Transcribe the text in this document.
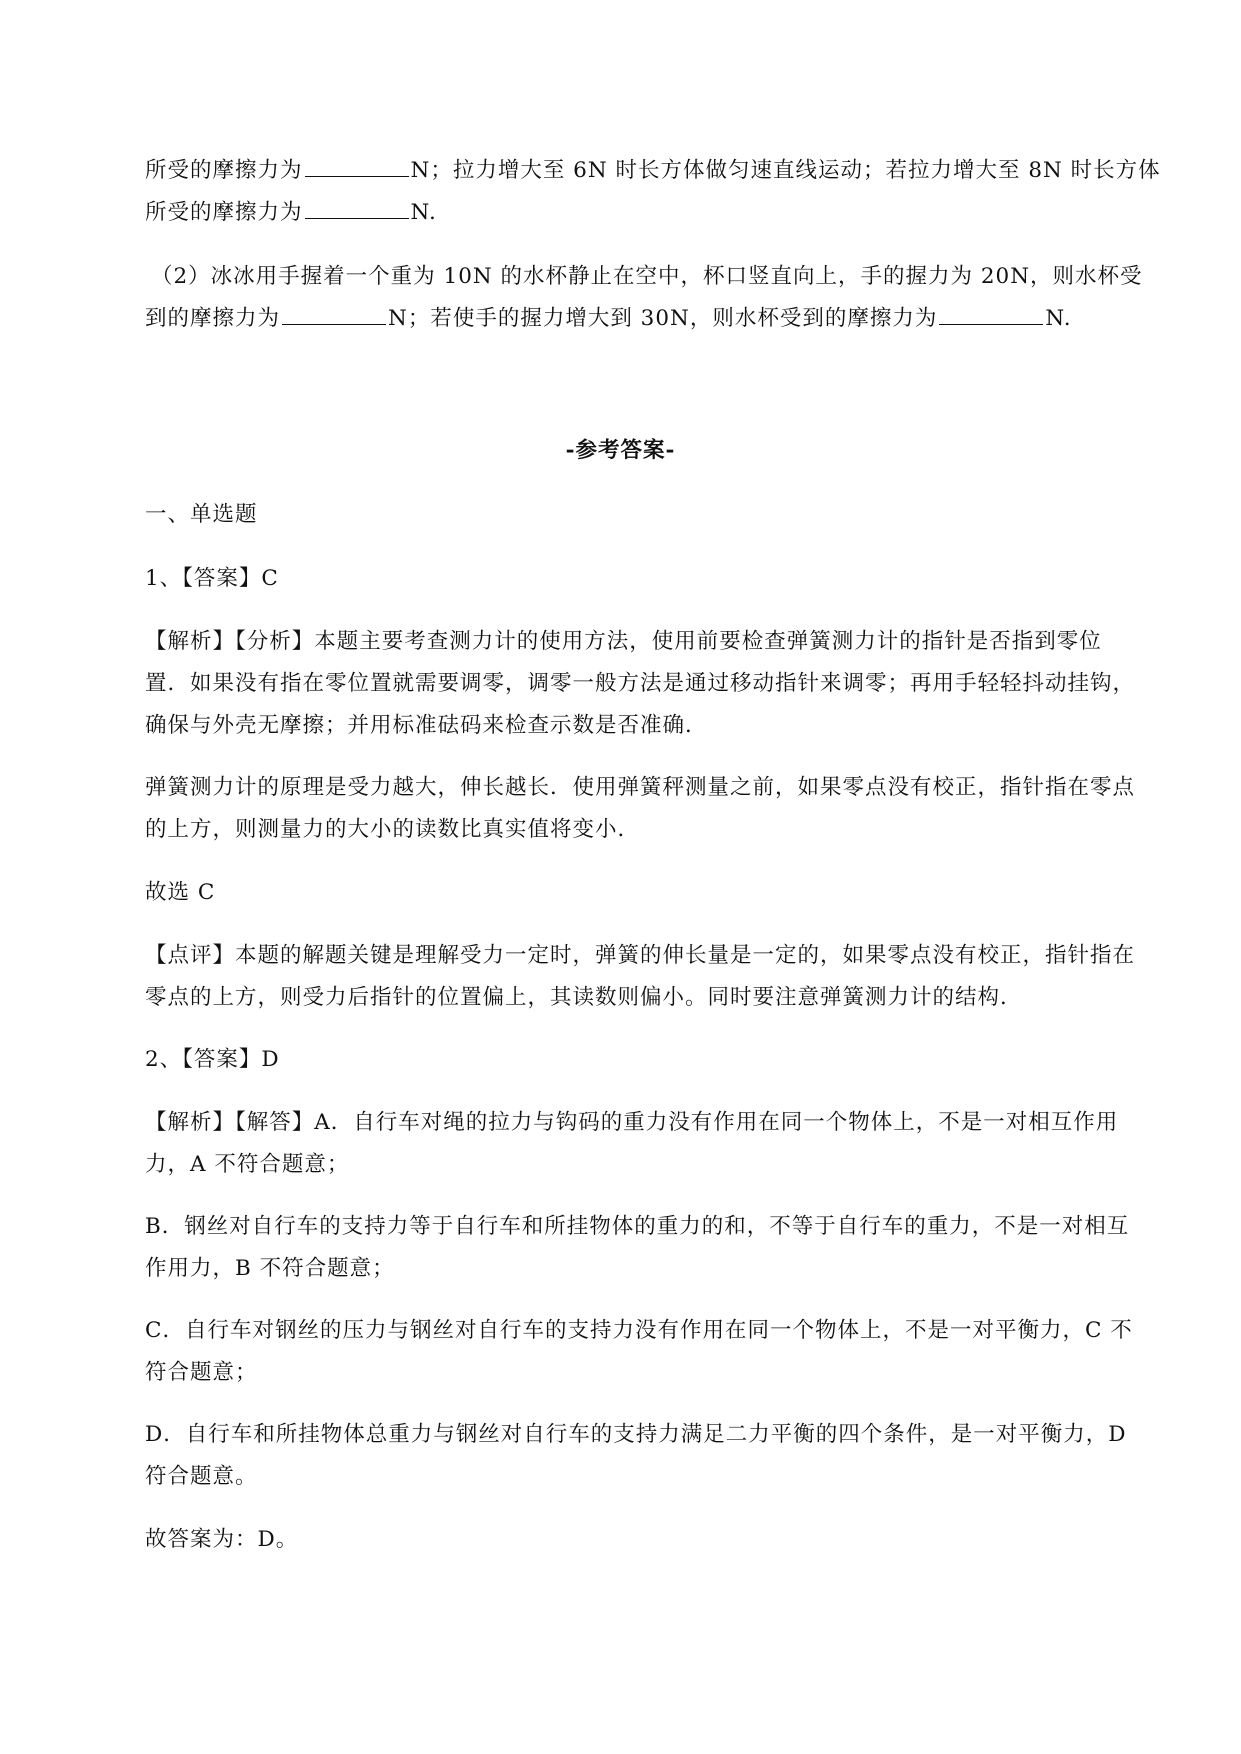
所受的摩擦力为	N；拉力增大至 6N 时长方体做匀速直线运动；若拉力增大至 8N 时长方体
所受的摩擦力为	N.
（2）冰冰用手握着一个重为 10N 的水杯静止在空中，杯口竖直向上，手的握力为 20N，则水杯受
到的摩擦力为	N；若使手的握力增大到 30N，则水杯受到的摩擦力为	N.
-参考答案-
一、单选题
1、【答案】C
【解析】【分析】本题主要考查测力计的使用方法，使用前要检查弹簧测力计的指针是否指到零位
置．如果没有指在零位置就需要调零，调零一般方法是通过移动指针来调零；再用手轻轻抖动挂钩，
确保与外壳无摩擦；并用标准砝码来检查示数是否准确．
弹簧测力计的原理是受力越大，伸长越长．使用弹簧秤测量之前，如果零点没有校正，指针指在零点
的上方，则测量力的大小的读数比真实值将变小．
故选 C
【点评】本题的解题关键是理解受力一定时，弹簧的伸长量是一定的，如果零点没有校正，指针指在
零点的上方，则受力后指针的位置偏上，其读数则偏小。同时要注意弹簧测力计的结构．
2、【答案】D
【解析】【解答】A．自行车对绳的拉力与钩码的重力没有作用在同一个物体上，不是一对相互作用
力，A 不符合题意；
B．钢丝对自行车的支持力等于自行车和所挂物体的重力的和，不等于自行车的重力，不是一对相互
作用力，B 不符合题意；
C．自行车对钢丝的压力与钢丝对自行车的支持力没有作用在同一个物体上，不是一对平衡力，C 不
符合题意；
D．自行车和所挂物体总重力与钢丝对自行车的支持力满足二力平衡的四个条件，是一对平衡力，D
符合题意。
故答案为：D。
